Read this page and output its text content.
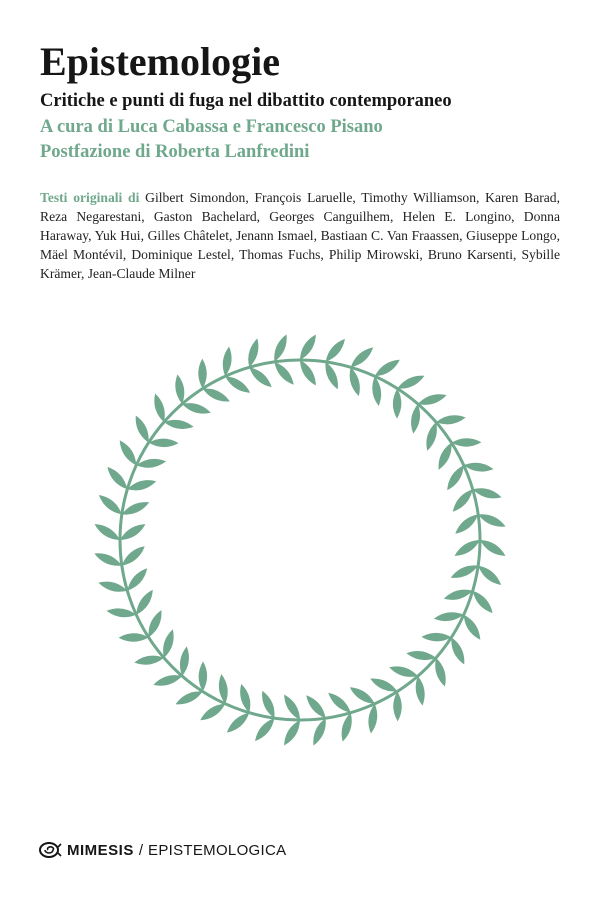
Epistemologie
Critiche e punti di fuga nel dibattito contemporaneo
A cura di Luca Cabassa e Francesco Pisano
Postfazione di Roberta Lanfredini
Testi originali di Gilbert Simondon, François Laruelle, Timothy Williamson, Karen Barad, Reza Negarestani, Gaston Bachelard, Georges Canguilhem, Helen E. Longino, Donna Haraway, Yuk Hui, Gilles Châtelet, Jenann Ismael, Bastiaan C. Van Fraassen, Giuseppe Longo, Mäel Montévil, Dominique Lestel, Thomas Fuchs, Philip Mirowski, Bruno Karsenti, Sybille Krämer, Jean-Claude Milner
MIMESIS / EPISTEMOLOGICA
